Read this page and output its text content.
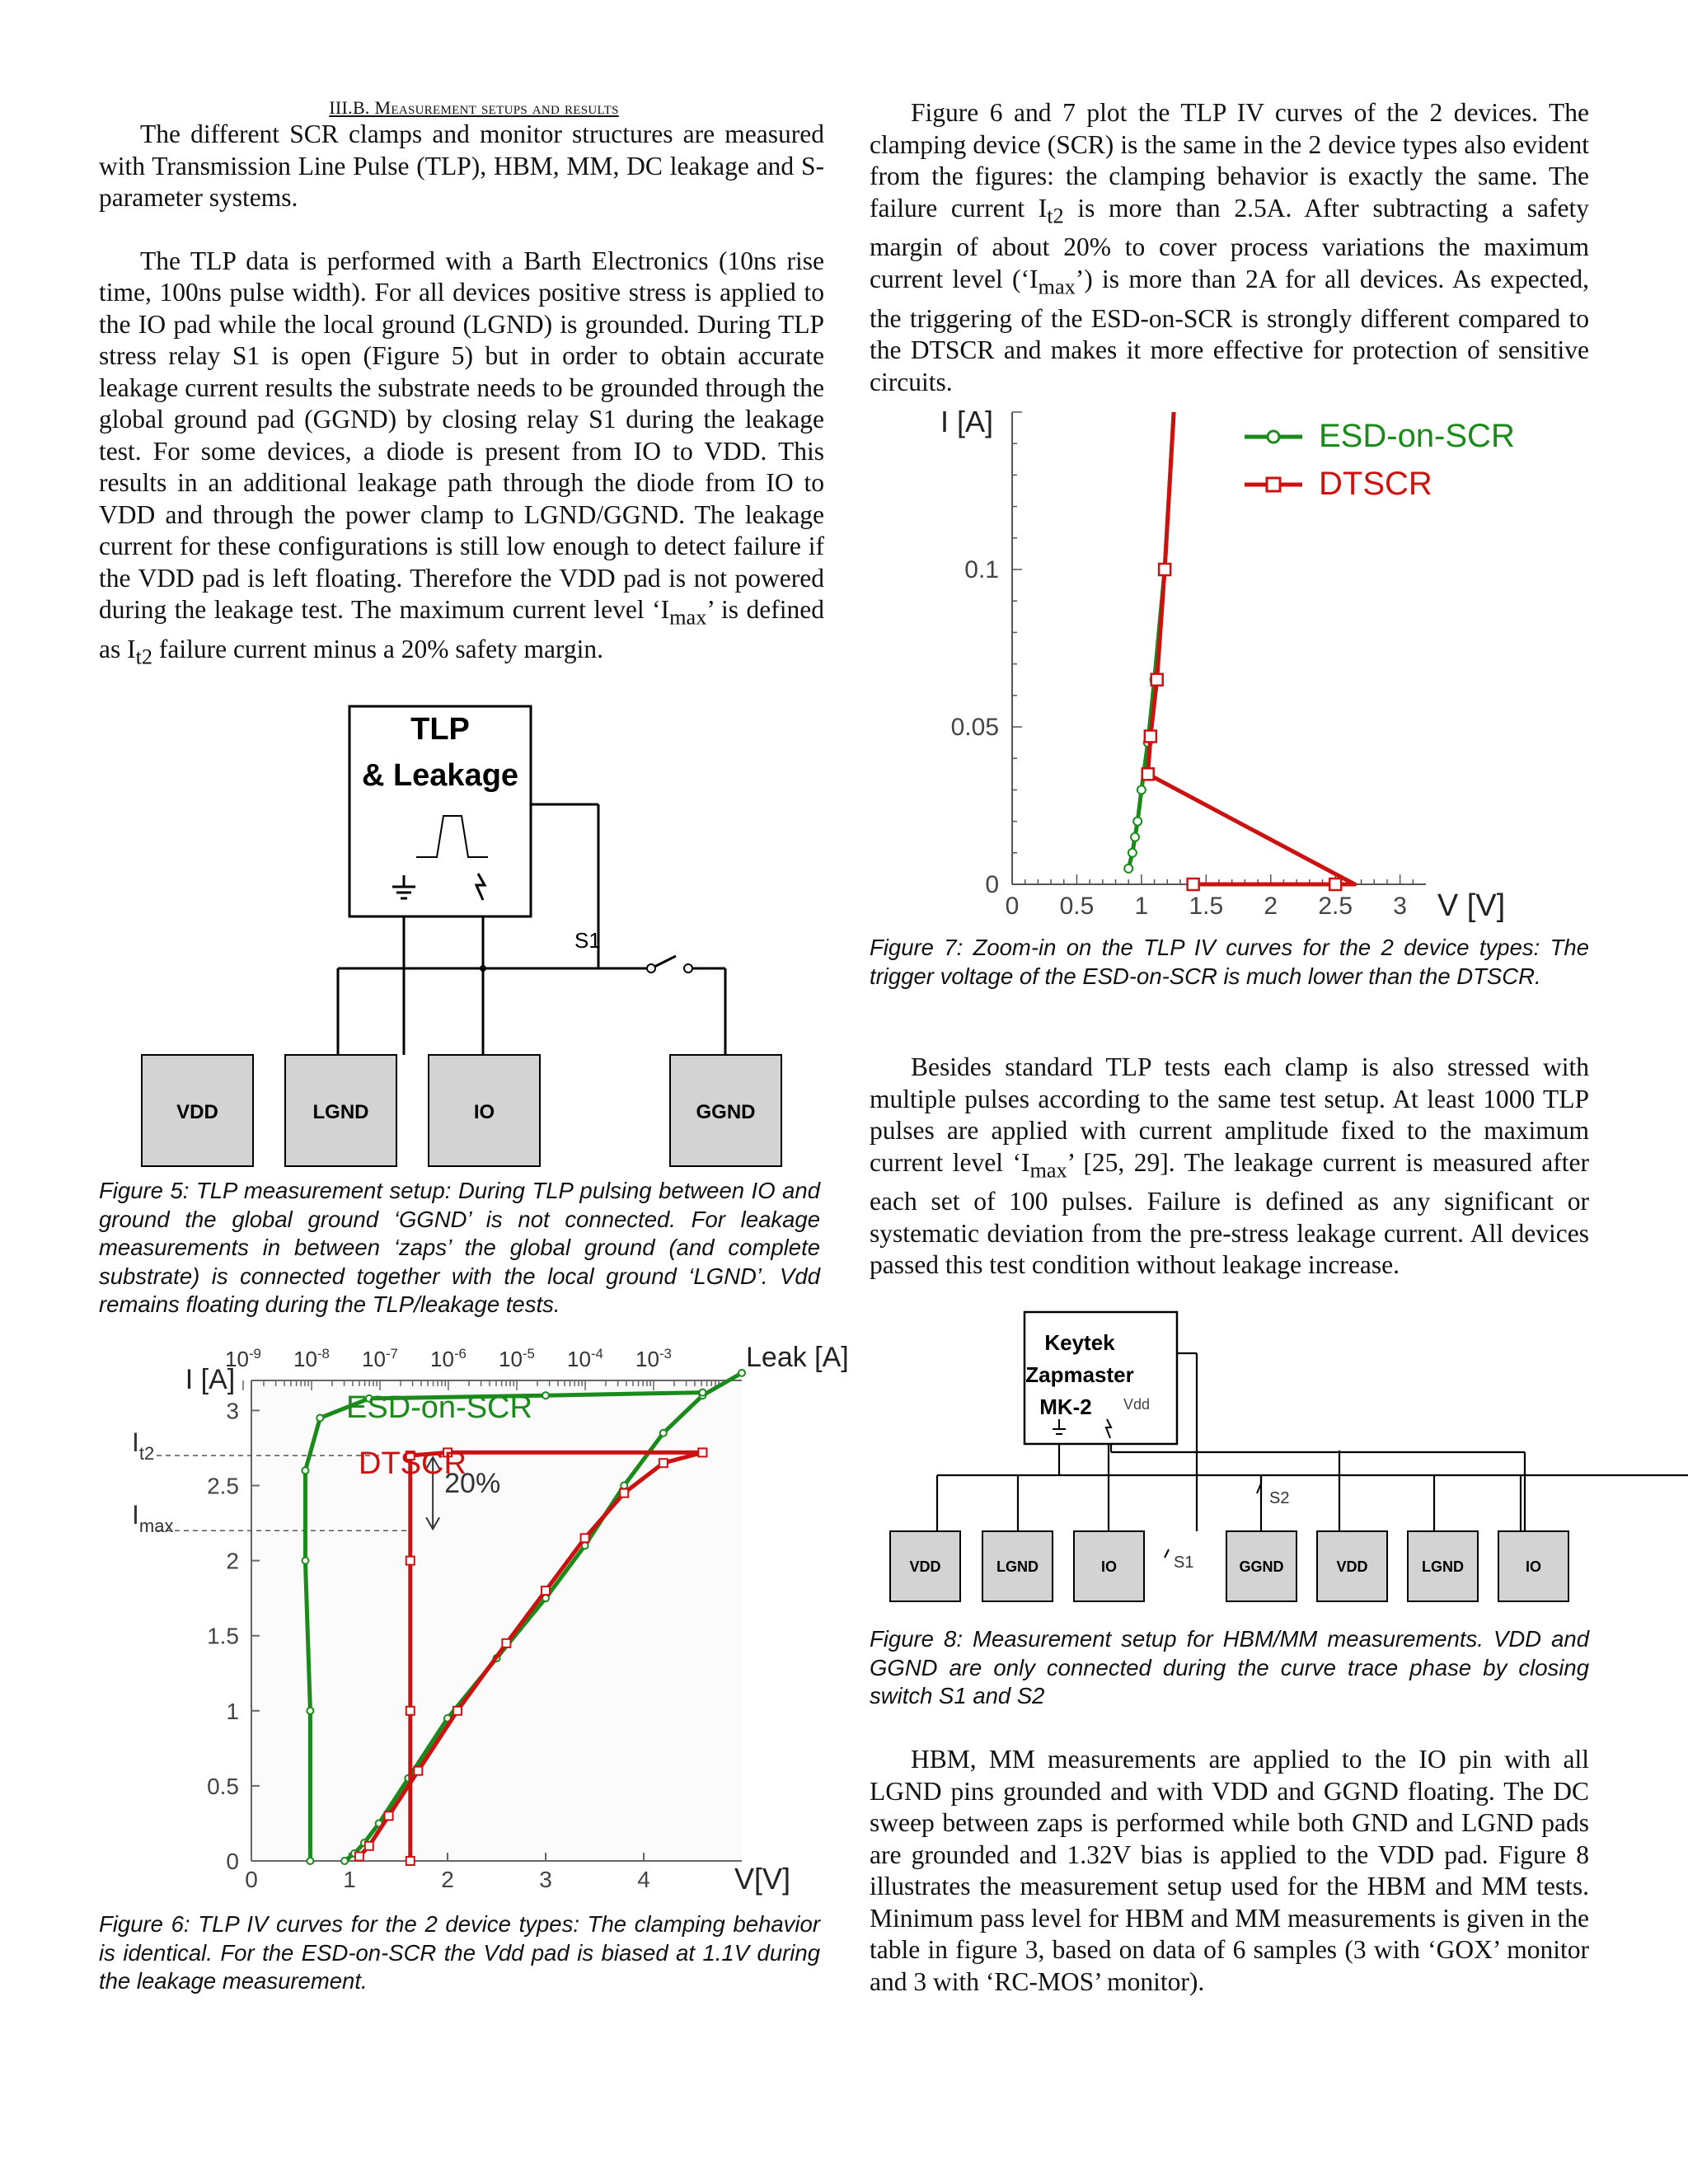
III.B. Measurement setups and results

The different SCR clamps and monitor structures are measured with Transmission Line Pulse (TLP), HBM, MM, DC leakage and S-parameter systems.

The TLP data is performed with a Barth Electronics (10ns rise time, 100ns pulse width). For all devices positive stress is applied to the IO pad while the local ground (LGND) is grounded. During TLP stress relay S1 is open (Figure 5) but in order to obtain accurate leakage current results the substrate needs to be grounded through the global ground pad (GGND) by closing relay S1 during the leakage test. For some devices, a diode is present from IO to VDD. This results in an additional leakage path through the diode from IO to VDD and through the power clamp to LGND/GGND. The leakage current for these configurations is still low enough to detect failure if the VDD pad is left floating. Therefore the VDD pad is not powered during the leakage test. The maximum current level ‘$I_{max}$’ is defined as $I_{t2}$ failure current minus a 20% safety margin.

TLP
& Leakage
S1
VDD	LGND	IO	GGND

Figure 5: TLP measurement setup: During TLP pulsing between IO and ground the global ground ‘GGND’ is not connected. For leakage measurements in between ‘zaps’ the global ground (and complete substrate) is connected together with the local ground ‘LGND’. Vdd remains floating during the TLP/leakage tests.

0	1	2	3	4	V[V]
0
0.5
1
1.5
2
2.5
3
I [A]
$10^{-9}$ $10^{-8}$ $10^{-7}$ $10^{-6}$ $10^{-5}$ $10^{-4}$ $10^{-3}$	Leak [A]
$I_{t2}$
$I_{max}$
20%
ESD-on-SCR
DTSCR

Figure 6: TLP IV curves for the 2 device types: The clamping behavior is identical. For the ESD-on-SCR the Vdd pad is biased at 1.1V during the leakage measurement.

Figure 6 and 7 plot the TLP IV curves of the 2 devices. The clamping device (SCR) is the same in the 2 device types also evident from the figures: the clamping behavior is exactly the same. The failure current $I_{t2}$ is more than 2.5A. After subtracting a safety margin of about 20% to cover process variations the maximum current level $(‘I_{max}’)$ is more than 2A for all devices. As expected, the triggering of the ESD-on-SCR is strongly different compared to the DTSCR and makes it more effective for protection of sensitive circuits.

0 0.5 1 1.5 2 2.5 3 V [V]
0
0.05
0.1
I [A]	ESD-on-SCR
DTSCR

Figure 7: Zoom-in on the TLP IV curves for the 2 device types: The trigger voltage of the ESD-on-SCR is much lower than the DTSCR.

Besides standard TLP tests each clamp is also stressed with multiple pulses according to the same test setup. At least 1000 TLP pulses are applied with current amplitude fixed to the maximum current level ‘$I_{max}$’ [25, 29]. The leakage current is measured after each set of 100 pulses. Failure is defined as any significant or systematic deviation from the pre-stress leakage current. All devices passed this test condition without leakage increase.

Keytek
Zapmaster
MK-2 Vdd
S2
S1
VDD	LGND	IO	GGND	VDD	LGND	IO

Figure 8: Measurement setup for HBM/MM measurements. VDD and GGND are only connected during the curve trace phase by closing switch S1 and S2

HBM, MM measurements are applied to the IO pin with all LGND pins grounded and with VDD and GGND floating. The DC sweep between zaps is performed while both GND and LGND pads are grounded and 1.32V bias is applied to the VDD pad. Figure 8 illustrates the measurement setup used for the HBM and MM tests. Minimum pass level for HBM and MM measurements is given in the table in figure 3, based on data of 6 samples (3 with ‘GOX’ monitor and 3 with ‘RC-MOS’ monitor).
